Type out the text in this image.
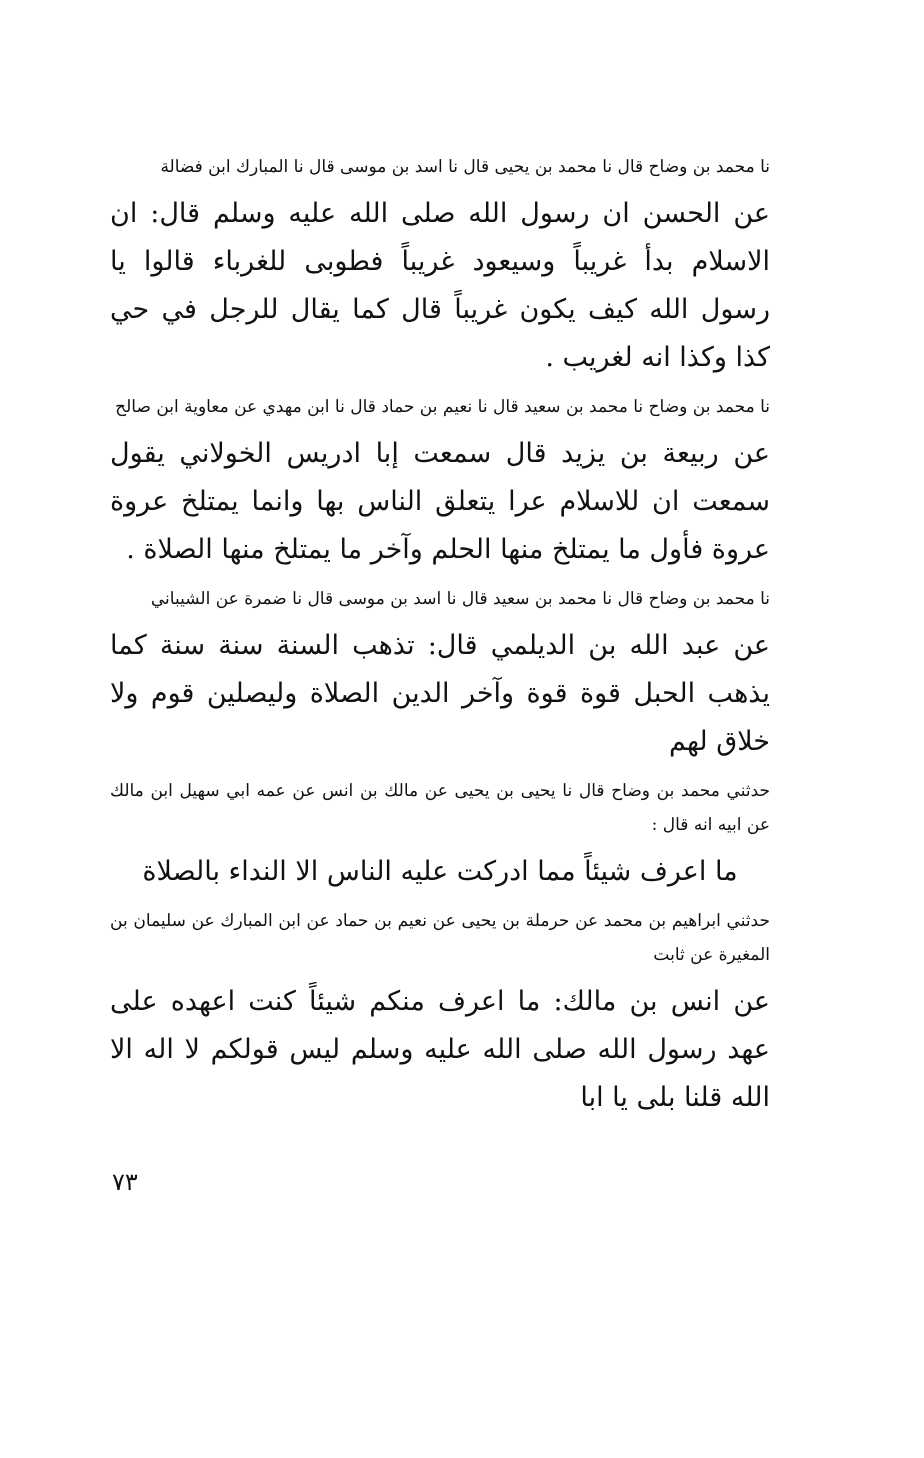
نا محمد بن وضاح قال نا محمد بن يحيى قال نا اسد بن موسى قال نا المبارك ابن فضالة

عن الحسن ان رسول الله صلى الله عليه وسلم قال: ان الاسلام بدأ غريباً وسيعود غريباً فطوبى للغرباء قالوا يا رسول الله كيف يكون غريباً قال كما يقال للرجل في حي كذا وكذا انه لغريب .

نا محمد بن وضاح نا محمد بن سعيد قال نا نعيم بن حماد قال نا ابن مهدي عن معاوية ابن صالح

عن ربيعة بن يزيد قال سمعت إبا ادريس الخولاني يقول سمعت ان للاسلام عرا يتعلق الناس بها وانما يمتلخ عروة عروة فأول ما يمتلخ منها الحلم وآخر ما يمتلخ منها الصلاة .

نا محمد بن وضاح قال نا محمد بن سعيد قال نا اسد بن موسى قال نا ضمرة عن الشيباني

عن عبد الله بن الديلمي قال: تذهب السنة سنة سنة كما يذهب الحبل قوة قوة وآخر الدين الصلاة وليصلين قوم ولا خلاق لهم

حدثني محمد بن وضاح قال نا يحيى بن يحيى عن مالك بن انس عن عمه ابي سهيل ابن مالك عن ابيه انه قال :

ما اعرف شيئاً مما ادركت عليه الناس الا النداء بالصلاة

حدثني ابراهيم بن محمد عن حرملة بن يحيى عن نعيم بن حماد عن ابن المبارك عن سليمان بن المغيرة عن ثابت

عن انس بن مالك: ما اعرف منكم شيئاً كنت اعهده على عهد رسول الله صلى الله عليه وسلم ليس قولكم لا اله الا الله قلنا بلى يا ابا

٧٣
